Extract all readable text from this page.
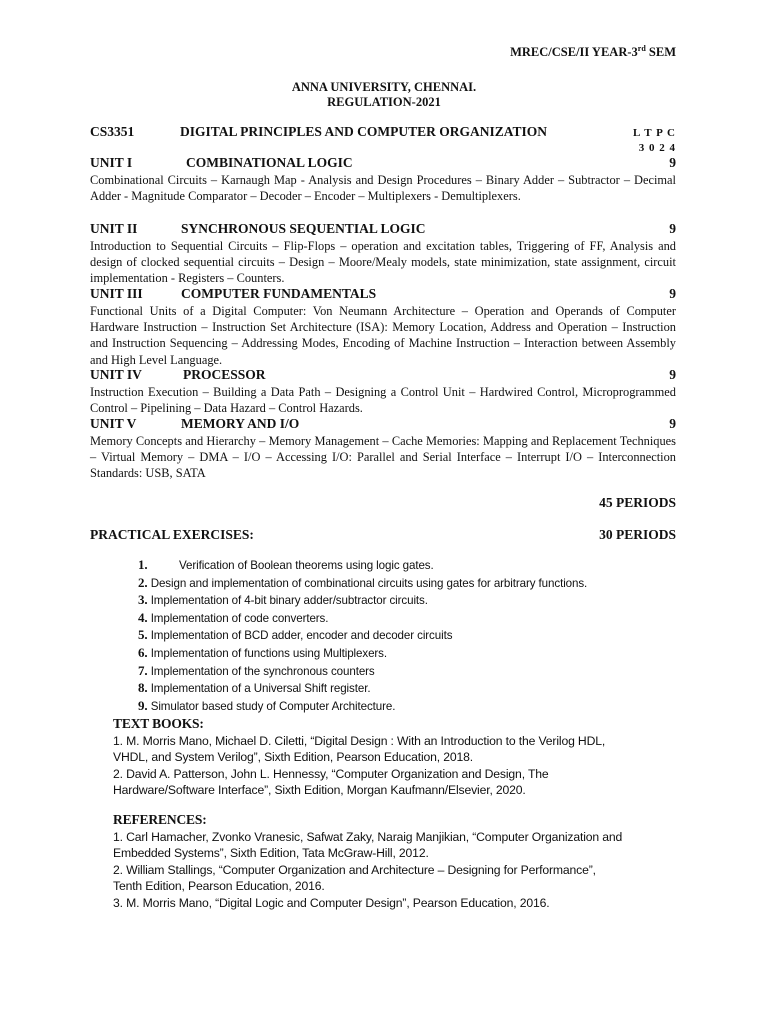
MREC/CSE/II YEAR-3rd SEM
ANNA UNIVERSITY, CHENNAI.
REGULATION-2021
CS3351	DIGITAL PRINCIPLES AND COMPUTER ORGANIZATION	L T P C
3 0 2 4
UNIT I	COMBINATIONAL LOGIC	9
Combinational Circuits – Karnaugh Map - Analysis and Design Procedures – Binary Adder – Subtractor – Decimal Adder - Magnitude Comparator – Decoder – Encoder – Multiplexers - Demultiplexers.
UNIT II	SYNCHRONOUS SEQUENTIAL LOGIC	9
Introduction to Sequential Circuits – Flip-Flops – operation and excitation tables, Triggering of FF, Analysis and design of clocked sequential circuits – Design – Moore/Mealy models, state minimization, state assignment, circuit implementation - Registers – Counters.
UNIT III	COMPUTER FUNDAMENTALS	9
Functional Units of a Digital Computer: Von Neumann Architecture – Operation and Operands of Computer Hardware Instruction – Instruction Set Architecture (ISA): Memory Location, Address and Operation – Instruction and Instruction Sequencing – Addressing Modes, Encoding of Machine Instruction – Interaction between Assembly and High Level Language.
UNIT IV	PROCESSOR	9
Instruction Execution – Building a Data Path – Designing a Control Unit – Hardwired Control, Microprogrammed Control – Pipelining – Data Hazard – Control Hazards.
UNIT V	MEMORY AND I/O	9
Memory Concepts and Hierarchy – Memory Management – Cache Memories: Mapping and Replacement Techniques – Virtual Memory – DMA – I/O – Accessing I/O: Parallel and Serial Interface – Interrupt I/O – Interconnection Standards: USB, SATA
45 PERIODS
PRACTICAL EXERCISES:	30 PERIODS
1.	Verification of Boolean theorems using logic gates.
2. Design and implementation of combinational circuits using gates for arbitrary functions.
3. Implementation of 4-bit binary adder/subtractor circuits.
4. Implementation of code converters.
5. Implementation of BCD adder, encoder and decoder circuits
6. Implementation of functions using Multiplexers.
7. Implementation of the synchronous counters
8. Implementation of a Universal Shift register.
9. Simulator based study of Computer Architecture.
TEXT BOOKS:
1. M. Morris Mano, Michael D. Ciletti, “Digital Design : With an Introduction to the Verilog HDL,
VHDL, and System Verilog”, Sixth Edition, Pearson Education, 2018.
2. David A. Patterson, John L. Hennessy, “Computer Organization and Design, The
Hardware/Software Interface”, Sixth Edition, Morgan Kaufmann/Elsevier, 2020.
REFERENCES:
1. Carl Hamacher, Zvonko Vranesic, Safwat Zaky, Naraig Manjikian, “Computer Organization and
Embedded Systems”, Sixth Edition, Tata McGraw-Hill, 2012.
2. William Stallings, “Computer Organization and Architecture – Designing for Performance”,
Tenth Edition, Pearson Education, 2016.
3. M. Morris Mano, “Digital Logic and Computer Design”, Pearson Education, 2016.
